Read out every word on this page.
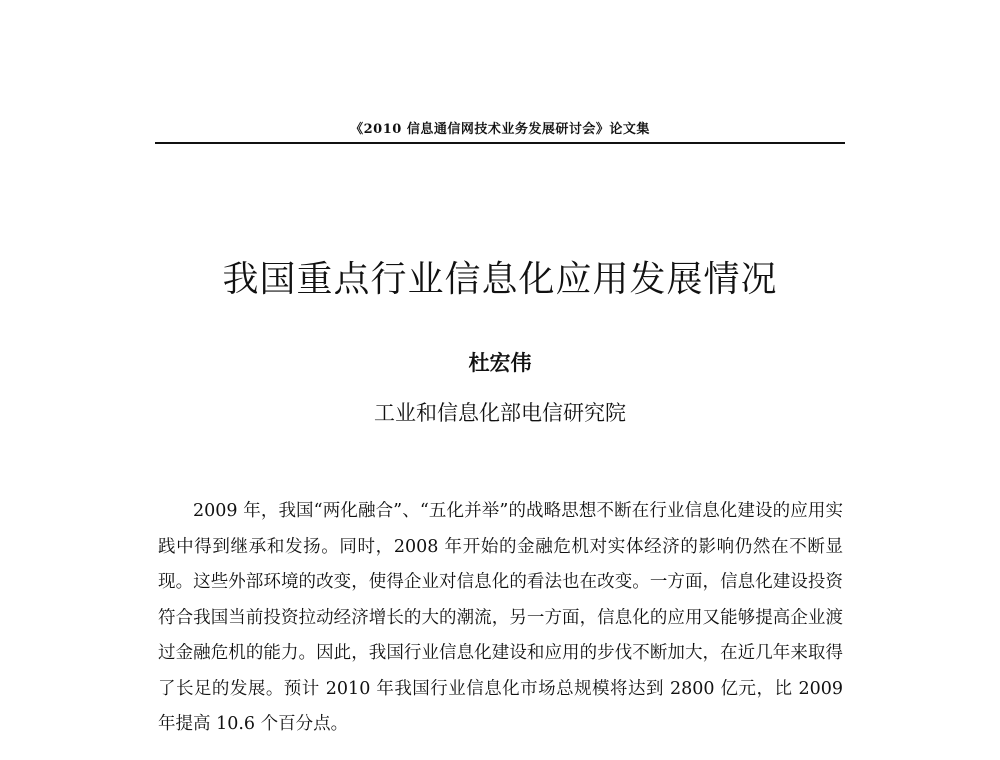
《2010 信息通信网技术业务发展研讨会》论文集
我国重点行业信息化应用发展情况
杜宏伟
工业和信息化部电信研究院

2009 年，我国“两化融合”、“五化并举”的战略思想不断在行业信息化建设的应用实践中得到继承和发扬。同时，2008 年开始的金融危机对实体经济的影响仍然在不断显现。这些外部环境的改变，使得企业对信息化的看法也在改变。一方面，信息化建设投资符合我国当前投资拉动经济增长的大的潮流，另一方面，信息化的应用又能够提高企业渡过金融危机的能力。因此，我国行业信息化建设和应用的步伐不断加大，在近几年来取得了长足的发展。预计 2010 年我国行业信息化市场总规模将达到 2800 亿元，比 2009 年提高 10.6 个百分点。
